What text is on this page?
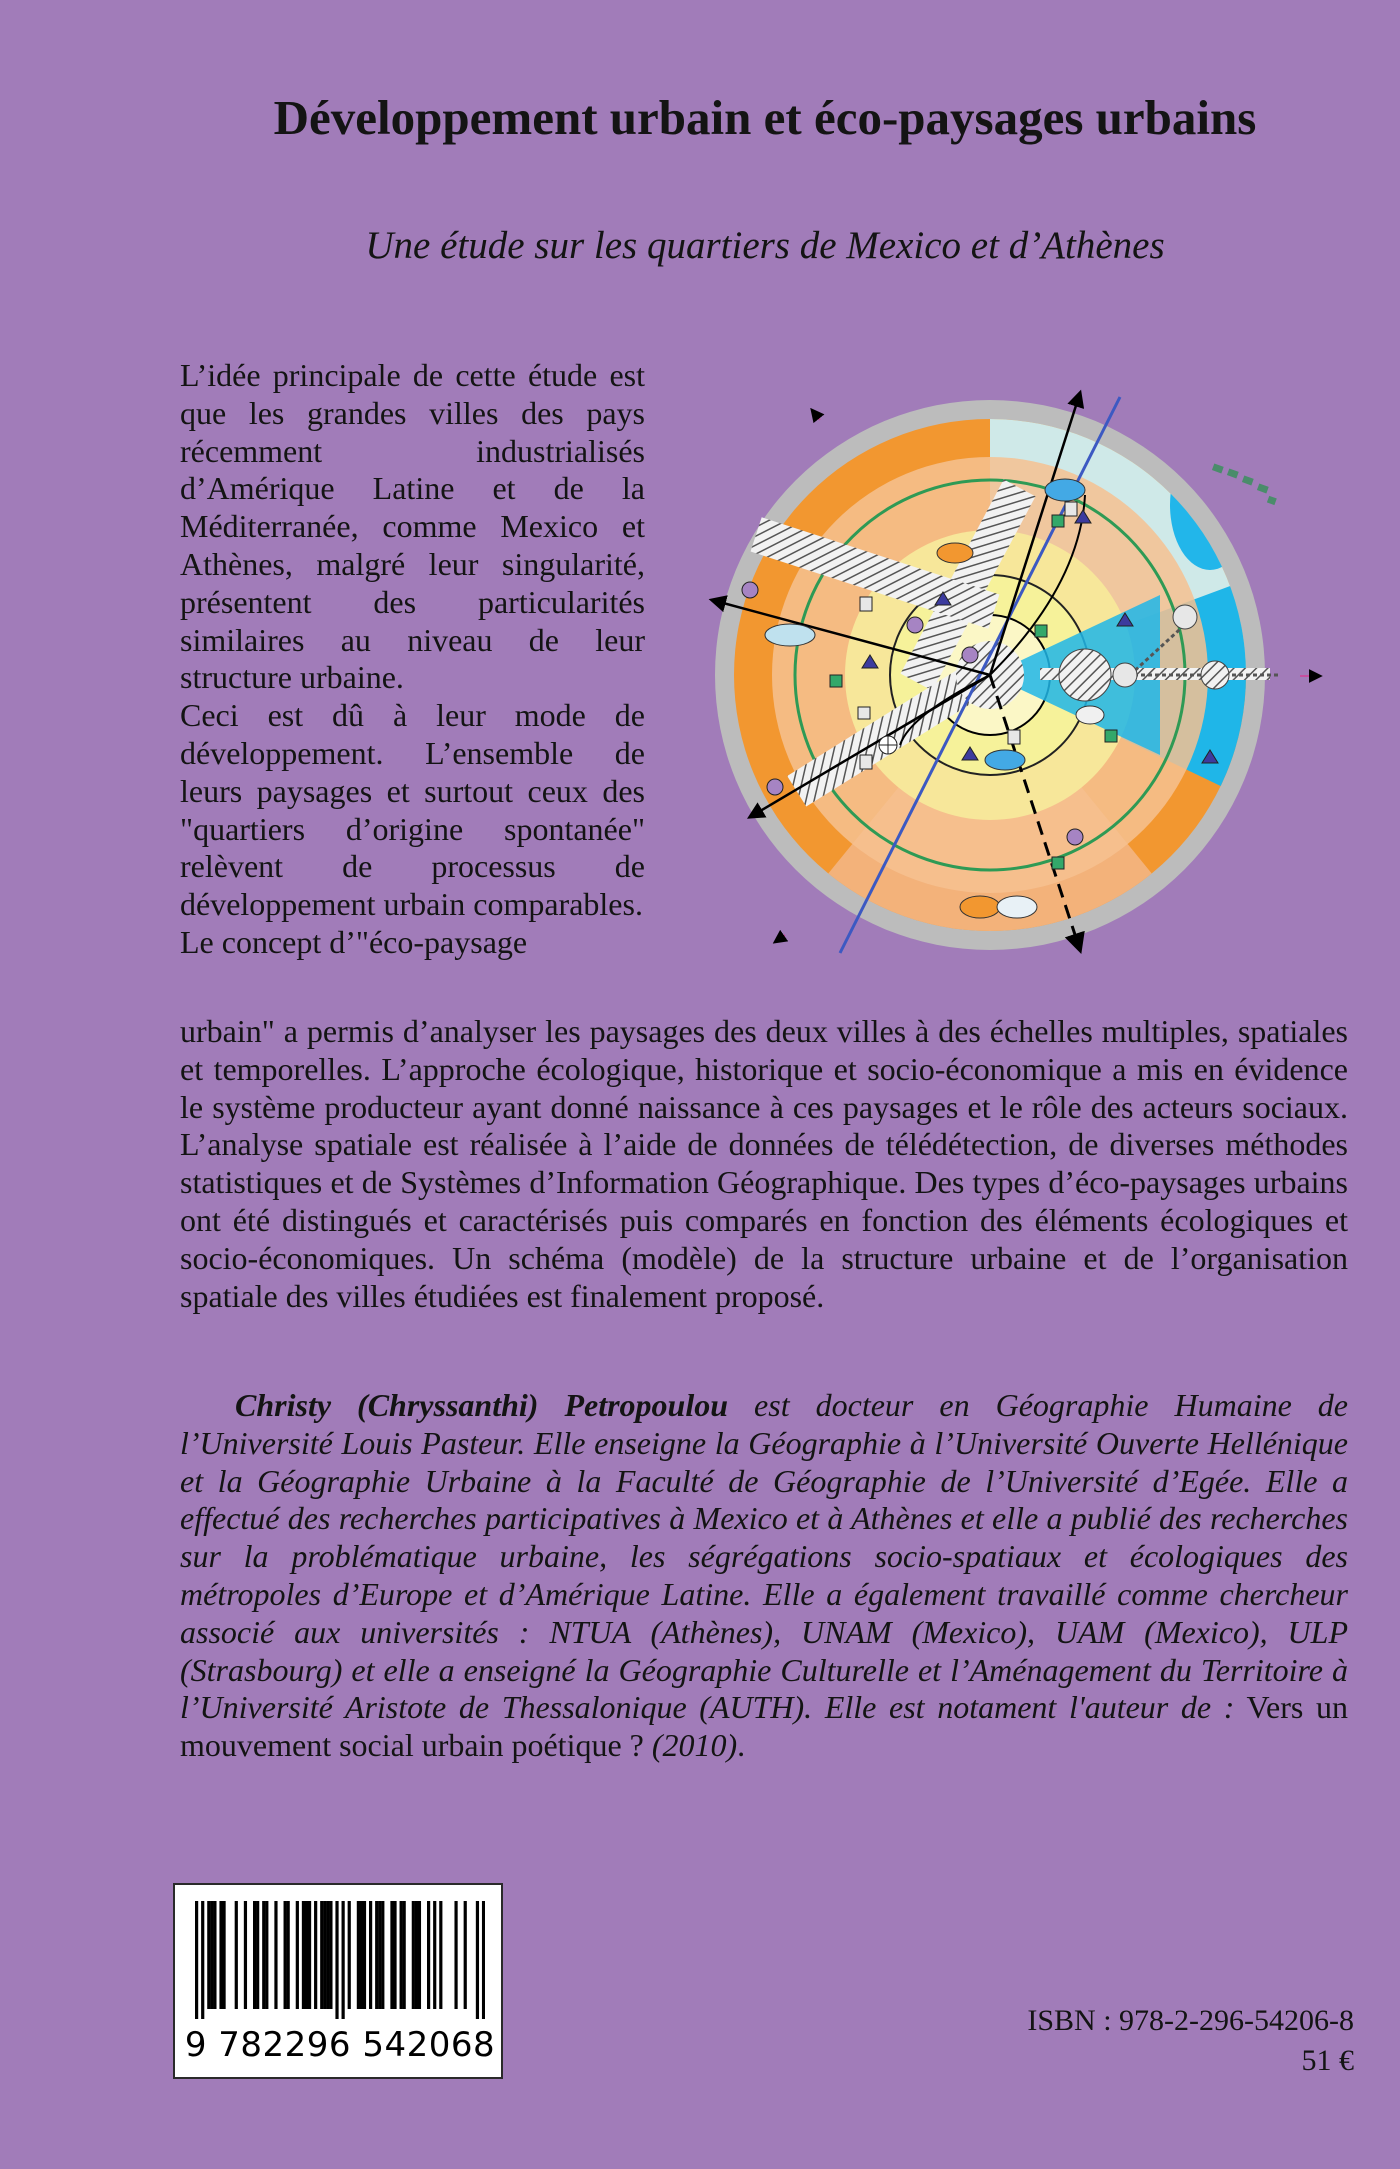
Développement urbain et éco-paysages urbains
Une étude sur les quartiers de Mexico et d’Athènes

L’idée principale de cette étude est que les grandes villes des pays récemment industrialisés d’Amérique Latine et de la Méditerranée, comme Mexico et Athènes, malgré leur singularité, présentent des particularités similaires au niveau de leur structure urbaine.

Ceci est dû à leur mode de développement. L’ensemble de leurs paysages et surtout ceux des "quartiers d’origine spontanée" relèvent de processus de développement urbain comparables.

Le concept d’"éco-paysage

urbain" a permis d’analyser les paysages des deux villes à des échelles multiples, spatiales et temporelles. L’approche écologique, historique et socio-économique a mis en évidence le système producteur ayant donné naissance à ces paysages et le rôle des acteurs sociaux. L’analyse spatiale est réalisée à l’aide de données de télédétection, de diverses méthodes statistiques et de Systèmes d’Information Géographique. Des types d’éco-paysages urbains ont été distingués et caractérisés puis comparés en fonction des éléments écologiques et socio-économiques. Un schéma (modèle) de la structure urbaine et de l’organisation spatiale des villes étudiées est finalement proposé.

Christy (Chryssanthi) Petropoulou est docteur en Géographie Humaine de l’Université Louis Pasteur. Elle enseigne la Géographie à l’Université Ouverte Hellénique et la Géographie Urbaine à la Faculté de Géographie de l’Université d’Egée. Elle a effectué des recherches participatives à Mexico et à Athènes et elle a publié des recherches sur la problématique urbaine, les ségrégations socio-spatiaux et écologiques des métropoles d’Europe et d’Amérique Latine. Elle a également travaillé comme chercheur associé aux universités : NTUA (Athènes), UNAM (Mexico), UAM (Mexico), ULP (Strasbourg) et elle a enseigné la Géographie Culturelle et l’Aménagement du Territoire à l’Université Aristote de Thessalonique (AUTH). Elle est notament l'auteur de : Vers un mouvement social urbain poétique ? (2010).
9 782296 542068
ISBN : 978-2-296-54206-8
51 €
